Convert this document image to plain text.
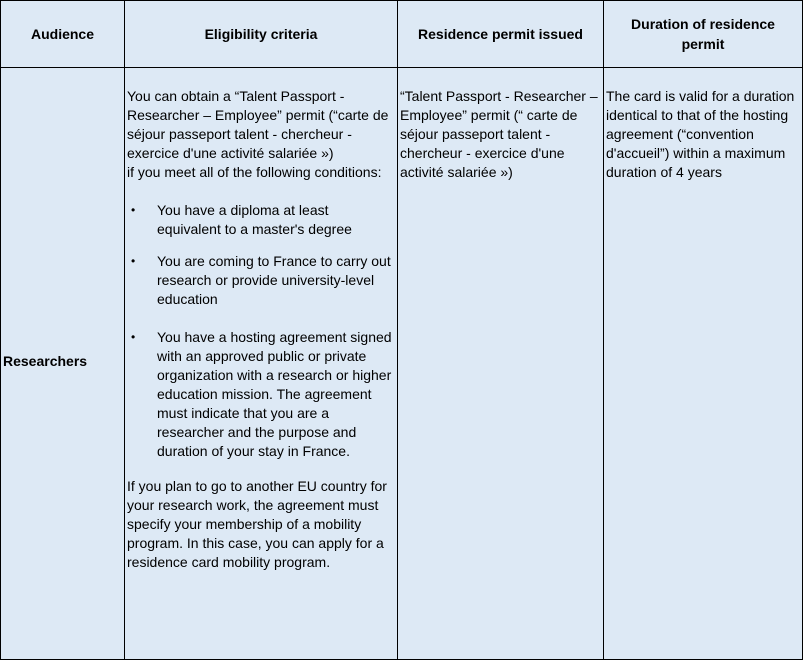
Audience	Eligibility criteria	Residence permit issued
Duration of residence permit
Researchers
You can obtain a “Talent Passport - Researcher – Employee” permit (“carte de séjour passeport talent - chercheur - exercice d'une activité salariée »)
if you meet all of the following conditions:
• You have a diploma at least equivalent to a master's degree
• You are coming to France to carry out research or provide university-level education
• You have a hosting agreement signed with an approved public or private organization with a research or higher education mission. The agreement must indicate that you are a researcher and the purpose and duration of your stay in France.
If you plan to go to another EU country for your research work, the agreement must specify your membership of a mobility program. In this case, you can apply for a residence card mobility program.
“Talent Passport - Researcher – Employee” permit (“ carte de séjour passeport talent - chercheur - exercice d'une activité salariée »)
The card is valid for a duration identical to that of the hosting agreement (“convention d'accueil”) within a maximum duration of 4 years
